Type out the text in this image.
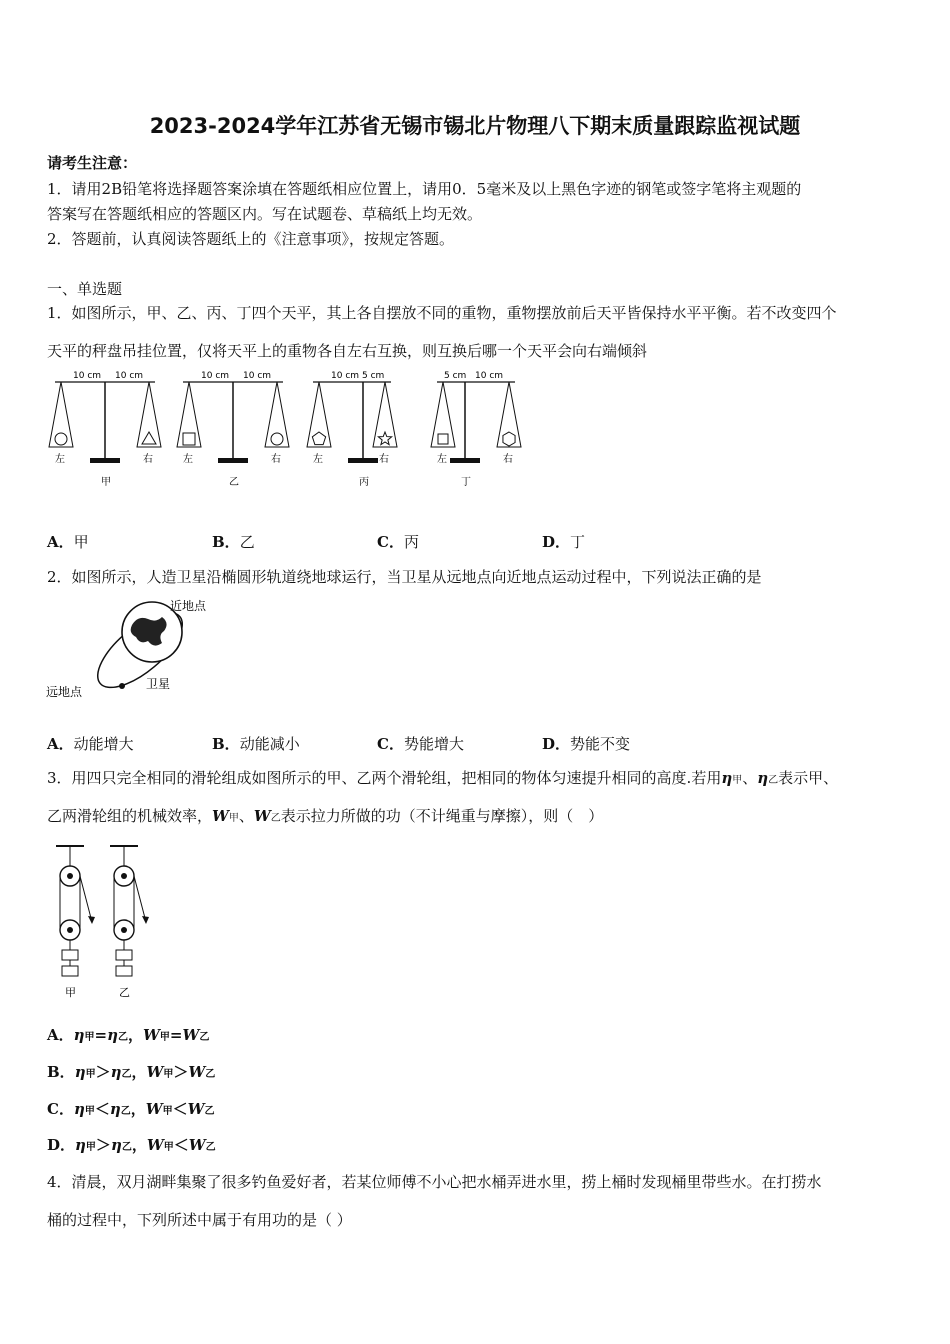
2023-2024学年江苏省无锡市锡北片物理八下期末质量跟踪监视试题
请考生注意：
1．请用2B铅笔将选择题答案涂填在答题纸相应位置上，请用0．5毫米及以上黑色字迹的钢笔或签字笔将主观题的
答案写在答题纸相应的答题区内。写在试题卷、草稿纸上均无效。
2．答题前，认真阅读答题纸上的《注意事项》，按规定答题。
一、单选题
1．如图所示，甲、乙、丙、丁四个天平，其上各自摆放不同的重物，重物摆放前后天平皆保持水平平衡。若不改变四个
天平的秤盘吊挂位置，仅将天平上的重物各自左右互换，则互换后哪一个天平会向右端倾斜
10 cm 10 cm
左	右
甲
10 cm 10 cm
左	右
乙
10 cm 5 cm
左	右
丙
5 cm 10 cm
左	右
丁
A．甲	B．乙	C．丙	D．丁
2．如图所示，人造卫星沿椭圆形轨道绕地球运行，当卫星从远地点向近地点运动过程中，下列说法正确的是
近地点
远地点
卫星
A．动能增大	B．动能减小	C．势能增大	D．势能不变
3．用四只完全相同的滑轮组成如图所示的甲、乙两个滑轮组，把相同的物体匀速提升相同的高度.若用η甲、η乙表示甲、
乙两滑轮组的机械效率，W甲、W乙表示拉力所做的功（不计绳重与摩擦），则（　）
甲	乙
A．η甲=η乙，W甲=W乙
B．η甲＞η乙，W甲＞W乙
C．η甲＜η乙，W甲＜W乙
D．η甲＞η乙，W甲＜W乙
4．清晨，双月湖畔集聚了很多钓鱼爱好者，若某位师傅不小心把水桶弄进水里，捞上桶时发现桶里带些水。在打捞水
桶的过程中，下列所述中属于有用功的是（ ）
